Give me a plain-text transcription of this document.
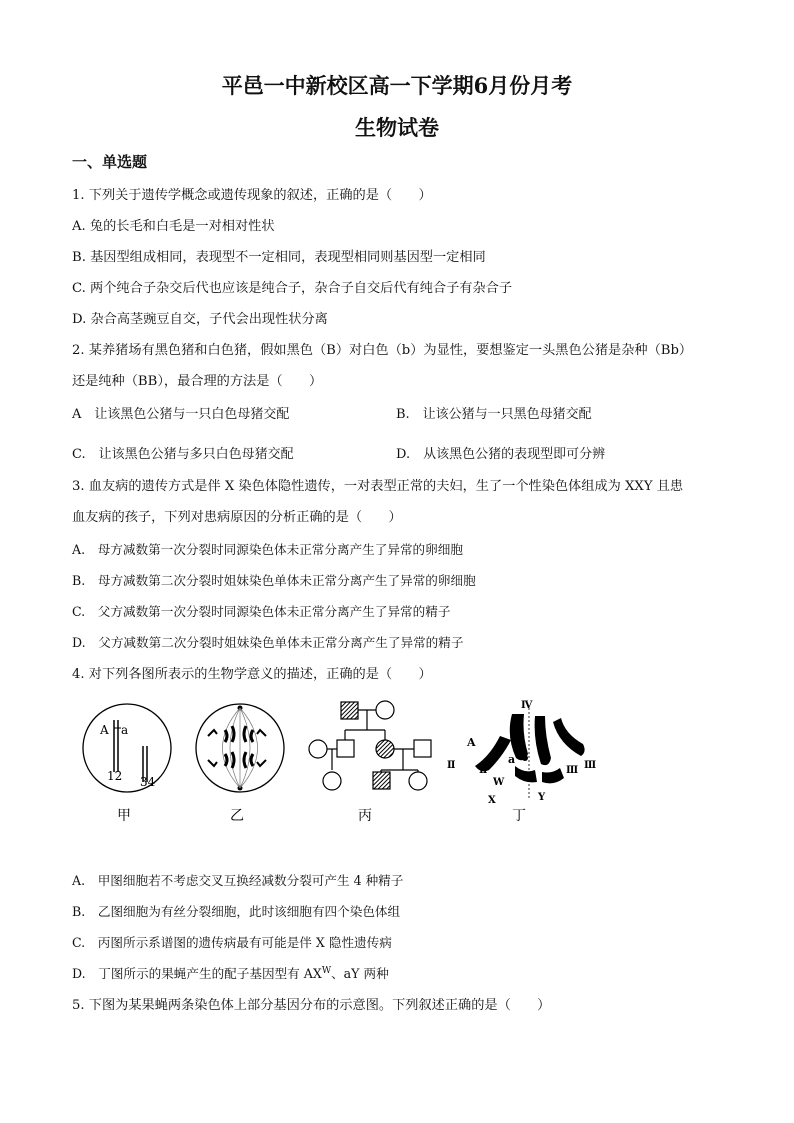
平邑一中新校区高一下学期6月份月考
生物试卷
一、单选题
1. 下列关于遗传学概念或遗传现象的叙述，正确的是（　　）
A. 兔的长毛和白毛是一对相对性状
B. 基因型组成相同，表现型不一定相同，表现型相同则基因型一定相同
C. 两个纯合子杂交后代也应该是纯合子，杂合子自交后代有纯合子有杂合子
D. 杂合高茎豌豆自交，子代会出现性状分离
2. 某养猪场有黑色猪和白色猪，假如黑色（B）对白色（b）为显性，要想鉴定一头黑色公猪是杂种（Bb）
还是纯种（BB），最合理的方法是（　　）
A　让该黑色公猪与一只白色母猪交配	B.　让该公猪与一只黑色母猪交配
C.　让该黑色公猪与多只白色母猪交配	D.　从该黑色公猪的表现型即可分辨
3. 血友病的遗传方式是伴 X 染色体隐性遗传，一对表型正常的夫妇，生了一个性染色体组成为 XXY 且患
血友病的孩子，下列对患病原因的分析正确的是（　　）
A.　母方减数第一次分裂时同源染色体未正常分离产生了异常的卵细胞
B.　母方减数第二次分裂时姐妹染色单体未正常分离产生了异常的卵细胞
C.　父方减数第一次分裂时同源染色体未正常分离产生了异常的精子
D.　父方减数第二次分裂时姐妹染色单体未正常分离产生了异常的精子
4. 对下列各图所表示的生物学意义的描述，正确的是（　　）
A a
12 34
Ⅳ
A
Ⅱ Ⅱ
a
Ⅲ Ⅲ
W
X	Y
甲	乙	丙	丁
A.　甲图细胞若不考虑交叉互换经减数分裂可产生 4 种精子
B.　乙图细胞为有丝分裂细胞，此时该细胞有四个染色体组
C.　丙图所示系谱图的遗传病最有可能是伴 X 隐性遗传病
D.　丁图所示的果蝇产生的配子基因型有 $AX^W$、aY 两种
5. 下图为某果蝇两条染色体上部分基因分布的示意图。下列叙述正确的是（　　）
